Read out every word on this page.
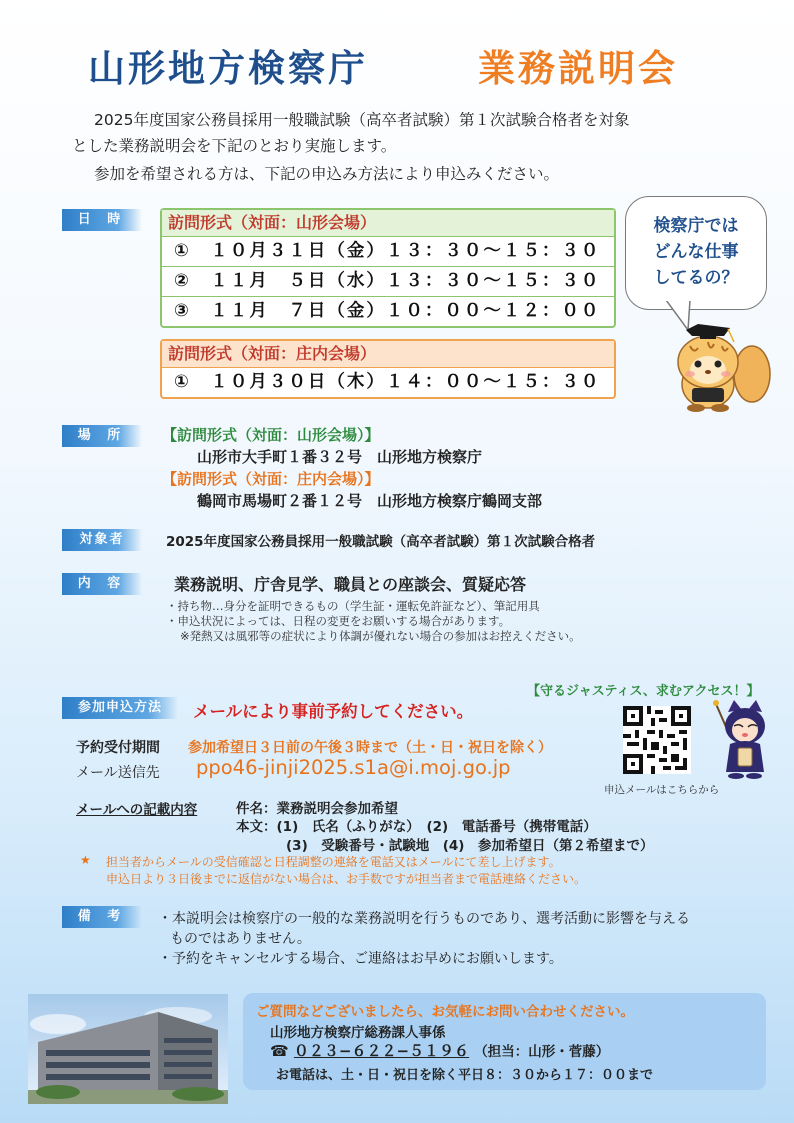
山形地方検察庁	業務説明会
2025年度国家公務員採用一般職試験（高卒者試験）第１次試験合格者を対象
とした業務説明会を下記のとおり実施します。
参加を希望される方は、下記の申込み方法により申込みください。
日 時	訪問形式（対面：山形会場）
①　１０月３１日（金）１３：３０〜１５：３０
②　１１月　５日（水）１３：３０〜１５：３０
③　１１月　７日（金）１０：００〜１２：００
訪問形式（対面：庄内会場）
①　１０月３０日（木）１４：００〜１５：３０
検察庁では
どんな仕事
してるの？
場 所	【訪問形式（対面：山形会場）】
山形市大手町１番３２号　山形地方検察庁
【訪問形式（対面：庄内会場）】
鶴岡市馬場町２番１２号　山形地方検察庁鶴岡支部
対象者	2025年度国家公務員採用一般職試験（高卒者試験）第１次試験合格者
内 容	業務説明、庁舎見学、職員との座談会、質疑応答
・持ち物…身分を証明できるもの（学生証・運転免許証など）、筆記用具
・申込状況によっては、日程の変更をお願いする場合があります。
※発熱又は風邪等の症状により体調が優れない場合の参加はお控えください。
【守るジャスティス、求むアクセス！】
参加申込方法	メールにより事前予約してください。
予約受付期間 参加希望日３日前の午後３時まで（土・日・祝日を除く）
メール送信先 ppo46-jinji2025.s1a@i.moj.go.jp
申込メールはこちらから
メールへの記載内容	件名：業務説明会参加希望
本文：(1)　氏名（ふりがな）　(2)　電話番号（携帯電話）
(3)　受験番号・試験地　(4)　参加希望日（第２希望まで）
★ 担当者からメールの受信確認と日程調整の連絡を電話又はメールにて差し上げます。
申込日より３日後までに返信がない場合は、お手数ですが担当者まで電話連絡ください。
備 考	・本説明会は検察庁の一般的な業務説明を行うものであり、選考活動に影響を与える
ものではありません。
・予約をキャンセルする場合、ご連絡はお早めにお願いします。
ご質問などございましたら、お気軽にお問い合わせください。
山形地方検察庁総務課人事係
☎ ０２３−６２２−５１９６ （担当：山形・菅藤）
お電話は、土・日・祝日を除く平日８：３０から１７：００まで
